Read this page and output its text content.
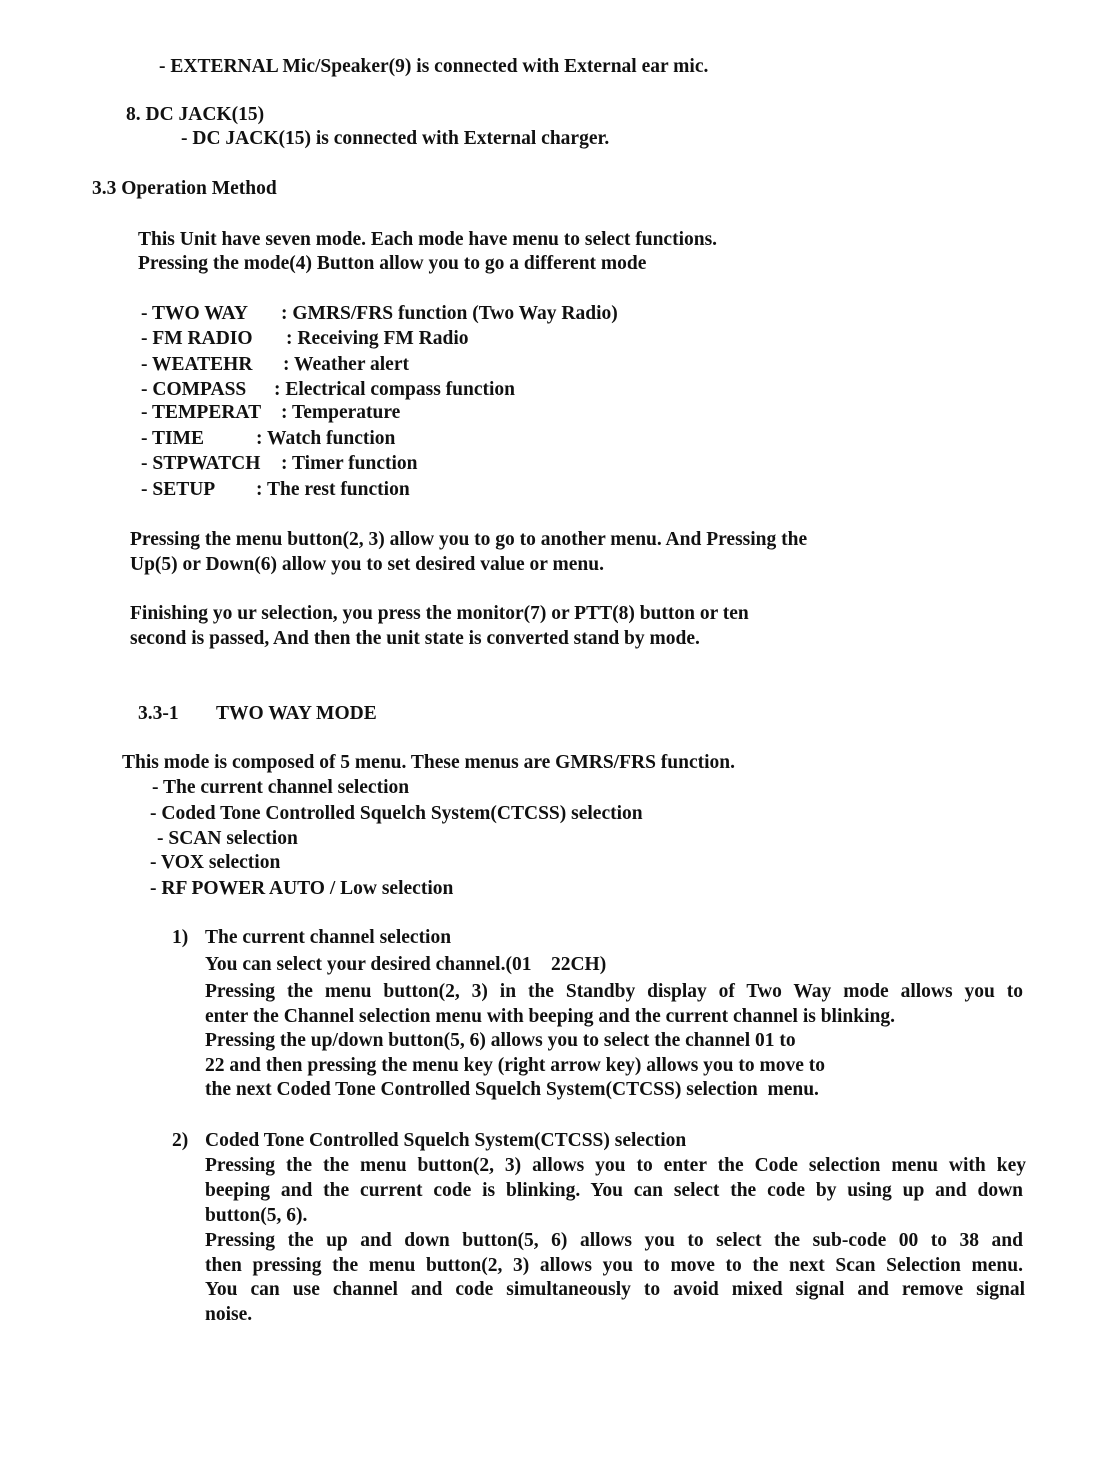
- EXTERNAL Mic/Speaker(9) is connected with External ear mic.
8. DC JACK(15)
- DC JACK(15) is connected with External charger.
3.3 Operation Method
This Unit have seven mode. Each mode have menu to select functions.
Pressing the mode(4) Button allow you to go a different mode
- TWO WAY : GMRS/FRS function (Two Way Radio)
- FM RADIO : Receiving FM Radio
- WEATEHR : Weather alert
- COMPASS : Electrical compass function
- TEMPERAT : Temperature
- TIME	: Watch function
- STPWATCH : Timer function
- SETUP : The rest function
Pressing the menu button(2, 3) allow you to go to another menu. And Pressing the
Up(5) or Down(6) allow you to set desired value or menu.
Finishing yo ur selection, you press the monitor(7) or PTT(8) button or ten
second is passed, And then the unit state is converted stand by mode.
3.3-1 TWO WAY MODE
This mode is composed of 5 menu. These menus are GMRS/FRS function.
- The current channel selection
- Coded Tone Controlled Squelch System(CTCSS) selection
- SCAN selection
- VOX selection
- RF POWER AUTO / Low selection
1) The current channel selection
You can select your desired channel.(01    22CH)
Pressing the menu button(2, 3) in the Standby display of Two Way mode allows you to
enter the Channel selection menu with beeping and the current channel is blinking.
Pressing the up/down button(5, 6) allows you to select the channel 01 to
22 and then pressing the menu key (right arrow key) allows you to move to
the next Coded Tone Controlled Squelch System(CTCSS) selection  menu.
2) Coded Tone Controlled Squelch System(CTCSS) selection
Pressing the the menu button(2, 3) allows you to enter the Code selection menu with key
beeping and the current code is blinking. You can select the code by using up and down
button(5, 6).
Pressing the up and down button(5, 6) allows you to select the sub-code 00 to 38 and
then pressing the menu button(2, 3) allows you to move to the next Scan Selection menu.
You can use channel and code simultaneously to avoid mixed signal and remove signal
noise.
